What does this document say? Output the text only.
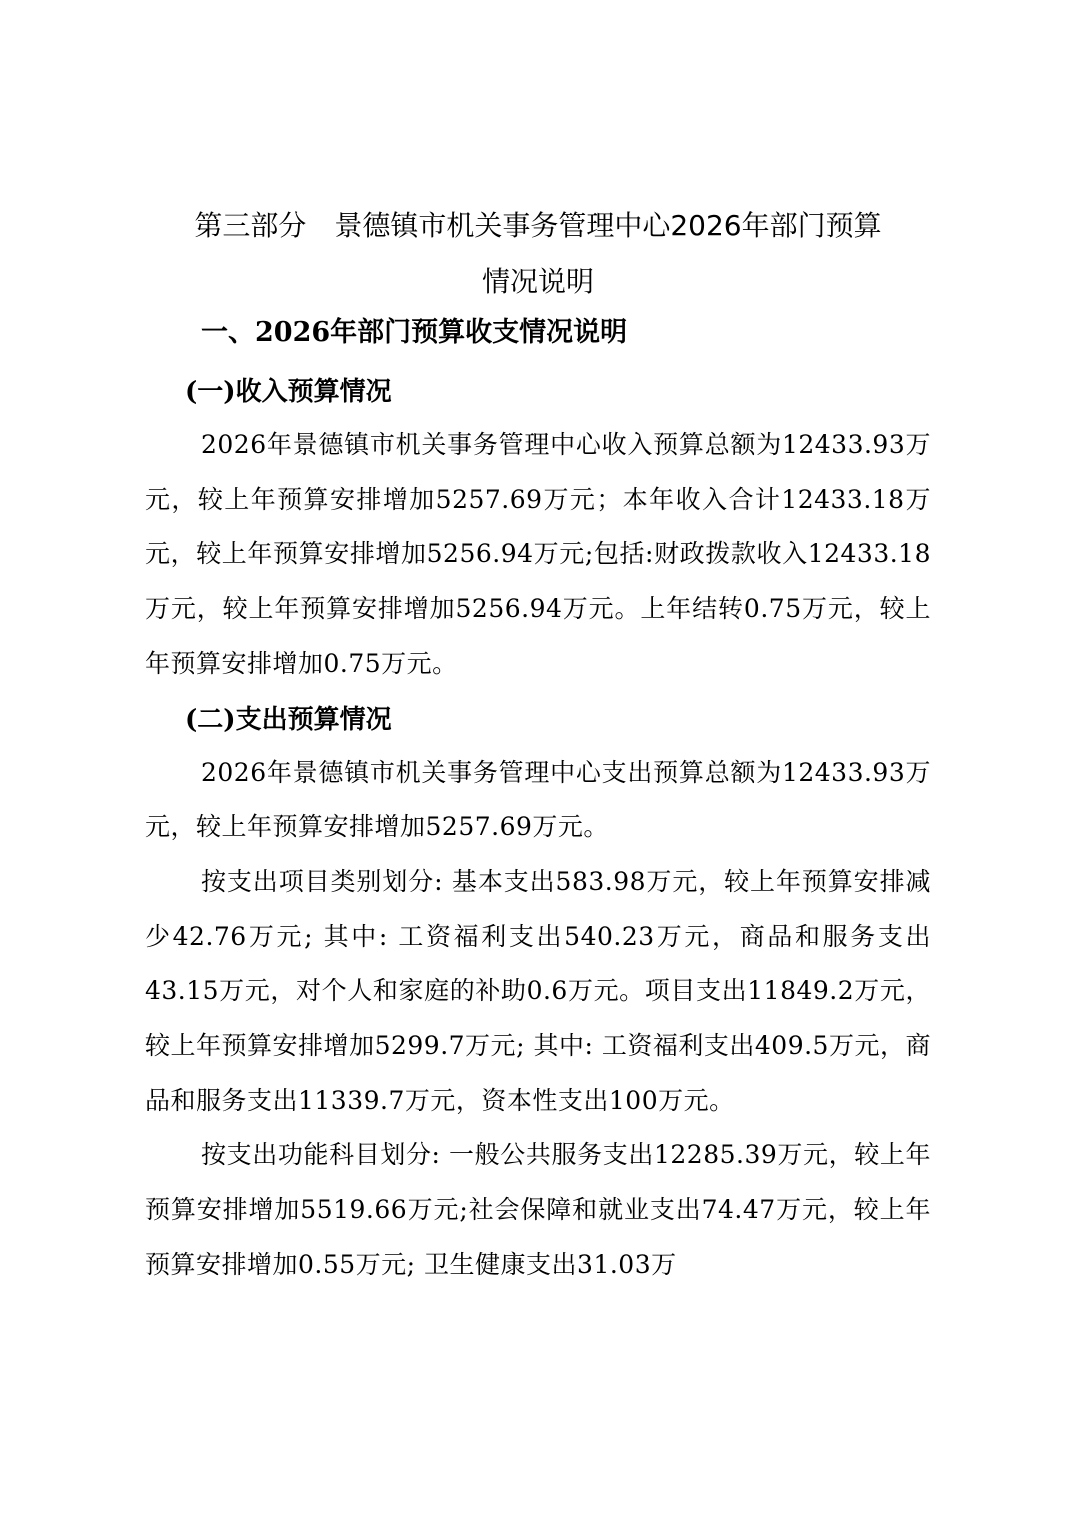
第三部分　景德镇市机关事务管理中心2026年部门预算
情况说明
一、2026年部门预算收支情况说明
(一)收入预算情况

2026年景德镇市机关事务管理中心收入预算总额为12433.93万元，较上年预算安排增加5257.69万元；本年收入合计12433.18万元，较上年预算安排增加5256.94万元;包括:财政拨款收入12433.18万元，较上年预算安排增加5256.94万元。上年结转0.75万元，较上年预算安排增加0.75万元。

(二)支出预算情况

2026年景德镇市机关事务管理中心支出预算总额为12433.93万元，较上年预算安排增加5257.69万元。

按支出项目类别划分: 基本支出583.98万元，较上年预算安排减少42.76万元; 其中: 工资福利支出540.23万元，商品和服务支出43.15万元，对个人和家庭的补助0.6万元。项目支出11849.2万元，较上年预算安排增加5299.7万元; 其中: 工资福利支出409.5万元，商品和服务支出11339.7万元，资本性支出100万元。

按支出功能科目划分: 一般公共服务支出12285.39万元，较上年预算安排增加5519.66万元;社会保障和就业支出74.47万元，较上年预算安排增加0.55万元; 卫生健康支出31.03万
